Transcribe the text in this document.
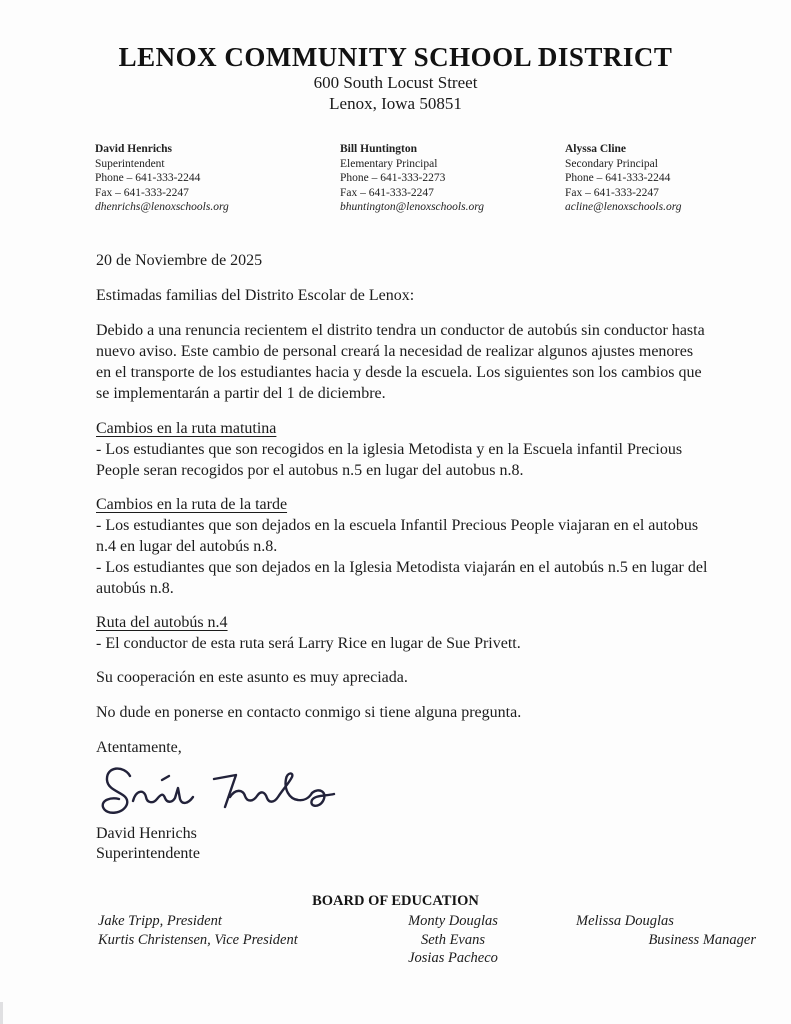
LENOX COMMUNITY SCHOOL DISTRICT
600 South Locust Street
Lenox, Iowa 50851
David Henrichs
Superintendent
Phone – 641-333-2244
Fax – 641-333-2247
dhenrichs@lenoxschools.org
Bill Huntington
Elementary Principal
Phone – 641-333-2273
Fax – 641-333-2247
bhuntington@lenoxschools.org
Alyssa Cline
Secondary Principal
Phone – 641-333-2244
Fax – 641-333-2247
acline@lenoxschools.org
20 de Noviembre de 2025
Estimadas familias del Distrito Escolar de Lenox:
Debido a una renuncia recientem el distrito tendra un conductor de autobús sin conductor hasta nuevo aviso. Este cambio de personal creará la necesidad de realizar algunos ajustes menores en el transporte de los estudiantes hacia y desde la escuela. Los siguientes son los cambios que se implementarán a partir del 1 de diciembre.
Cambios en la ruta matutina
- Los estudiantes que son recogidos en la iglesia Metodista y en la Escuela infantil Precious People seran recogidos por el autobus n.5 en lugar del autobus n.8.
Cambios en la ruta de la tarde
- Los estudiantes que son dejados en la escuela Infantil Precious People viajaran en el autobus n.4 en lugar del autobús n.8.
- Los estudiantes que son dejados en la Iglesia Metodista viajarán en el autobús n.5 en lugar del autobús n.8.
Ruta del autobús n.4
- El conductor de esta ruta será Larry Rice en lugar de Sue Privett.
Su cooperación en este asunto es muy apreciada.
No dude en ponerse en contacto conmigo si tiene alguna pregunta.
Atentamente,
David Henrichs
Superintendente
BOARD OF EDUCATION
Jake Tripp, President
Kurtis Christensen, Vice President
Monty Douglas
Seth Evans
Josias Pacheco
Melissa Douglas
Business Manager
